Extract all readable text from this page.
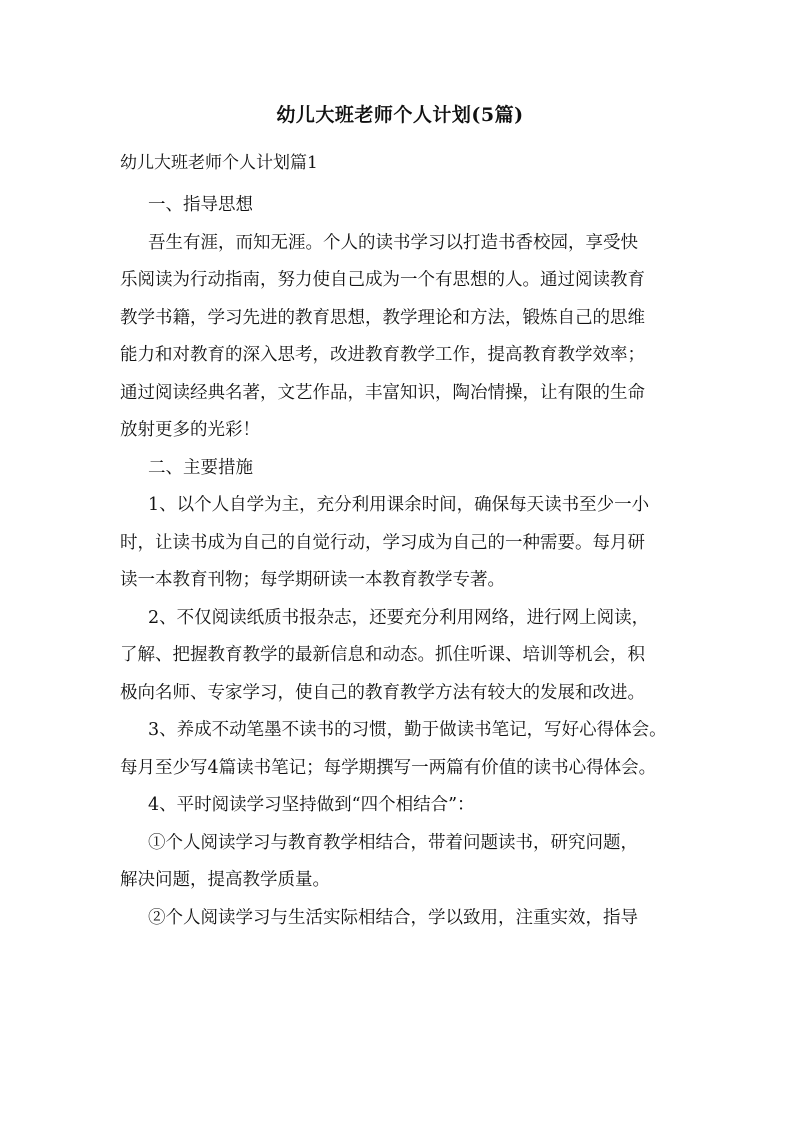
幼儿大班老师个人计划(5篇)
幼儿大班老师个人计划篇1
一、指导思想
吾生有涯，而知无涯。个人的读书学习以打造书香校园，享受快
乐阅读为行动指南，努力使自己成为一个有思想的人。通过阅读教育
教学书籍，学习先进的教育思想，教学理论和方法，锻炼自己的思维
能力和对教育的深入思考，改进教育教学工作，提高教育教学效率；
通过阅读经典名著，文艺作品，丰富知识，陶冶情操，让有限的生命
放射更多的光彩！
二、主要措施
1、以个人自学为主，充分利用课余时间，确保每天读书至少一小
时，让读书成为自己的自觉行动，学习成为自己的一种需要。每月研
读一本教育刊物；每学期研读一本教育教学专著。
2、不仅阅读纸质书报杂志，还要充分利用网络，进行网上阅读，
了解、把握教育教学的最新信息和动态。抓住听课、培训等机会，积
极向名师、专家学习，使自己的教育教学方法有较大的发展和改进。
3、养成不动笔墨不读书的习惯，勤于做读书笔记，写好心得体会。
每月至少写4篇读书笔记；每学期撰写一两篇有价值的读书心得体会。
4、平时阅读学习坚持做到“四个相结合”：
①个人阅读学习与教育教学相结合，带着问题读书，研究问题，
解决问题，提高教学质量。
②个人阅读学习与生活实际相结合，学以致用，注重实效，指导
